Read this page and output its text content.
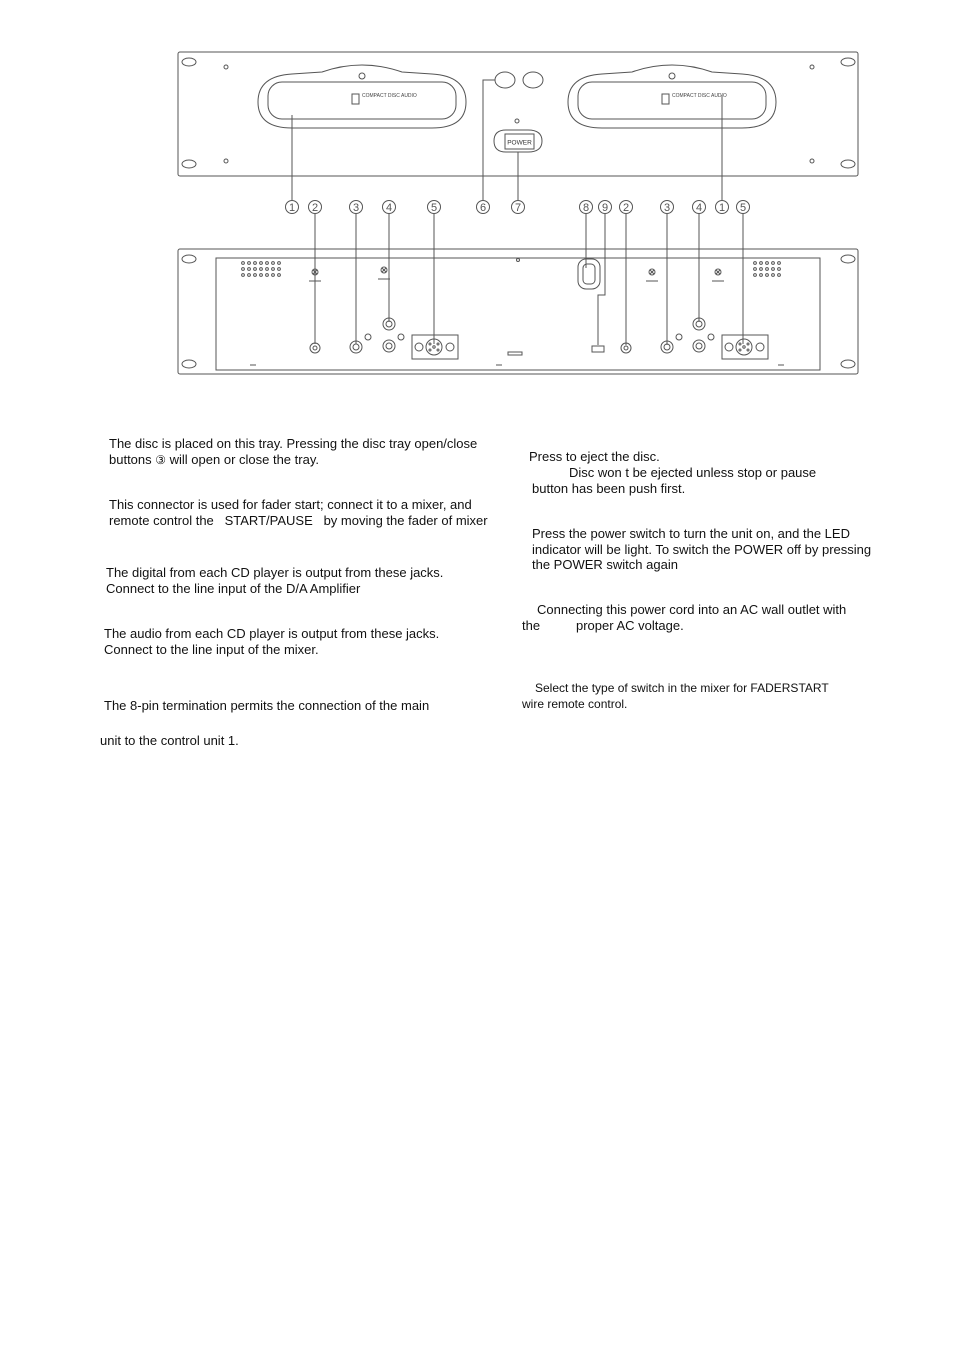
COMPACT DISC AUDIO	COMPACT DISC AUDIO
POWER
1 2	3 4	5	6	7	8 9 2	3 4 1 5
The disc is placed on this tray. Pressing the disc tray open/close
buttons ③ will open or close the tray.
This connector is used for fader start; connect it to a mixer, and
remote control the   START/PAUSE   by moving the fader of mixer
The digital from each CD player is output from these jacks.
Connect to the line input of the D/A Amplifier
The audio from each CD player is output from these jacks.
Connect to the line input of the mixer.
The 8-pin termination permits the connection of the main
unit to the control unit 1.
Press to eject the disc.
Disc won t be ejected unless stop or pause
button has been push first.
Press the power switch to turn the unit on, and the LED
indicator will be light. To switch the POWER off by pressing
the POWER switch again
Connecting this power cord into an AC wall outlet with
the	proper AC voltage.
Select the type of switch in the mixer for FADERSTART
wire remote control.
